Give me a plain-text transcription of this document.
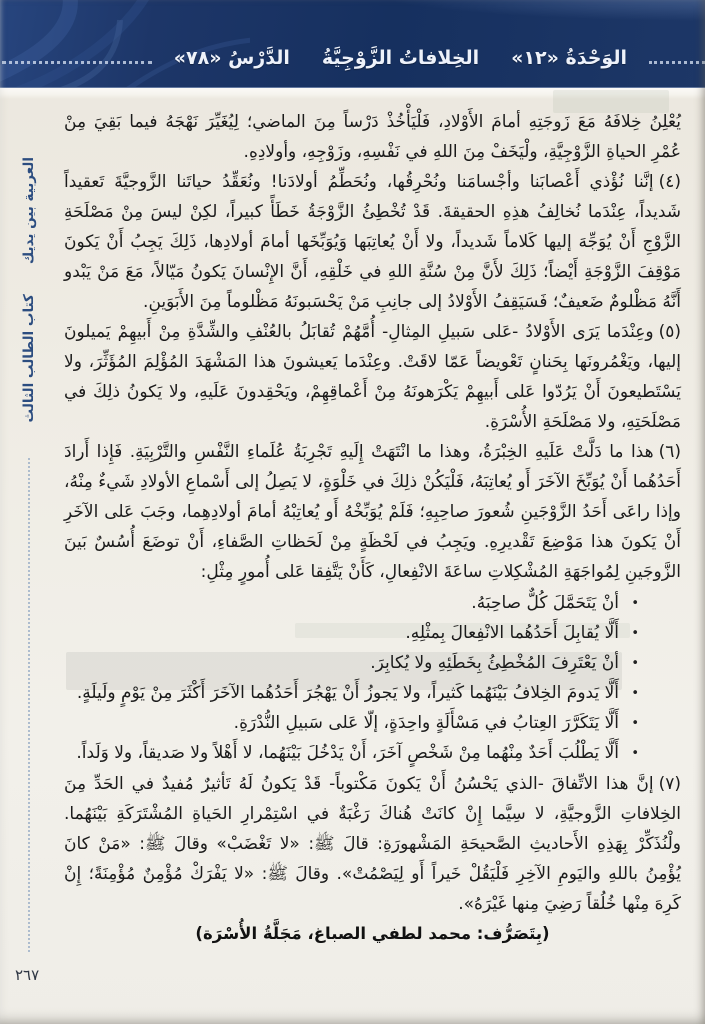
الوَحْدَةُ «١٢»
الخِلافاتُ الزَّوْجِيَّةُ
الدَّرْسُ «٧٨»
العربية بين يديك
كتاب الطالب الثالث
٢٦٧

يُعْلِنُ خِلافَهُ مَعَ زَوجَتِهِ أمامَ الأَوْلادِ، فَلْيَأْخُذْ دَرْساً مِنَ الماضي؛ لِيُغَيِّرَ نَهْجَهُ فيما بَقِيَ مِنْ عُمْرِ الحياةِ الزَّوْجِيَّةِ، ولْيَخَفْ مِنَ اللهِ في نَفْسِهِ، وزَوْجِهِ، وأولادِهِ.

(٤)إنَّنا نُؤْذي أَعْصابَنا وأجْسامَنا ونُحْرِقُها، ونُحَطِّمُ أولادَنا! ونُعَقِّدُ حياتَنا الزَّوجيَّةَ تَعقيداً شَديداً، عِنْدَما نُخالِفُ هذِهِ الحقيقةَ. قَدْ تُخْطِئُ الزَّوْجَةُ خَطَأً كبيراً، لكِنْ ليسَ مِنْ مَصْلَحَةِ الزَّوْجِ أَنْ يُوَجِّهَ إليها كَلاماً شَديداً، ولا أَنْ يُعاتِبَها وَيُوَبِّخَها أمامَ أولادِها، ذَلِكَ يَجِبُ أَنْ يَكونَ مَوْقِفَ الزَّوْجَةِ أَيْضاً؛ ذَلِكَ لأَنَّ مِنْ سُنَّةِ اللهِ في خَلْقِهِ، أَنَّ الإِنْسانَ يَكونُ مَيّالاً، مَعَ مَنْ يَبْدو أَنَّهُ مَظْلومٌ ضَعيفٌ؛ فَسَيَقِفُ الأَوْلادُ إلى جانِبِ مَنْ يَحْسَبونَهُ مَظْلوماً مِنَ الأَبَوَينِ.

(٥)وعِنْدَما يَرَى الأَوْلادُ -عَلى سَبيلِ المِثالِ- أُمَّهُمْ تُقابَلُ بالعُنْفِ والشِّدَّةِ مِنْ أَبيهِمْ يَميلونَ إليها، ويَغْمُرونَها بِحَنانٍ تَعْويضاً عَمّا لاقَتْ. وعِنْدَما يَعيشونَ هذا المَشْهَدَ المُؤْلِمَ المُؤَثِّرَ، ولا يَسْتَطيعونَ أَنْ يَرُدّوا عَلى أَبيهِمْ يَكْرَهونَهُ مِنْ أَعْماقِهِمْ، ويَحْقِدونَ عَلَيهِ، ولا يَكونُ ذلِكَ في مَصْلَحَتِهِ، ولا مَصْلَحَةِ الأُسْرَةِ.

(٦)هذا ما دَلَّتْ عَلَيهِ الخِبْرَةُ، وهذا ما انْتَهَتْ إِلَيهِ تَجْرِبَةُ عُلَماءِ النَّفْسِ والتَّرْبِيَةِ. فَإِذا أَرادَ أَحَدُهُما أَنْ يُوَبِّخَ الآخَرَ أَو يُعاتِبَهُ، فَلْيَكُنْ ذلِكَ في خَلْوَةٍ، لا يَصِلُ إلى أَسْماعِ الأولادِ شَيءٌ مِنْهُ، وإذا راعَى أَحَدُ الزَّوْجَينِ شُعورَ صاحِبِهِ؛ فَلَمْ يُوَبِّخْهُ أَو يُعاتِبْهُ أمامَ أولادِهِما، وجَبَ عَلى الآخَرِ أَنْ يَكونَ هذا مَوْضِعَ تَقْديرِهِ. ويَجِبُ في لَحْظَةٍ مِنْ لَحَظاتِ الصَّفاءِ، أَنْ توضَعَ أُسُسٌ بَينَ الزَّوجَينِ لِمُواجَهَةِ المُشْكِلاتِ ساعَةَ الانْفِعالِ، كَأَنْ يَتَّفِقا عَلى أُمورٍ مِثْلِ:

• أنْ يَتَحَمَّلَ كُلٌّ صاحِبَهُ.
• أَلَّا يُقابِلَ أَحَدُهُما الانْفِعالَ بِمثْلِهِ.
• أنْ يَعْتَرِفَ المُخْطِئُ بِخَطَئِهِ ولا يُكابِرَ.
• أَلَّا يَدومَ الخِلافُ بَيْنَهُما كَثيراً، ولا يَجوزُ أَنْ يَهْجُرَ أَحَدُهُما الآخَرَ أَكْثَرَ مِنْ يَوْمٍ ولَيلَةٍ.
• أَلَّا يَتَكَرَّرَ العِتابُ في مَسْأَلَةٍ واحِدَةٍ، إلّا عَلى سَبيلِ النُّدْرَةِ.
• أَلَّا يَطْلُبَ أَحَدٌ مِنْهُما مِنْ شَخْصٍ آخَرَ، أَنْ يَدْخُلَ بَيْنَهُما، لا أَهْلاً ولا صَديقاً، ولا وَلَداً.

(٧)إنَّ هذا الاتِّفاقَ -الذي يَحْسُنُ أَنْ يَكونَ مَكْتوباً- قَدْ يَكونُ لَهُ تَأثيرٌ مُفيدٌ في الحَدِّ مِنَ الخِلافاتِ الزَّوجيَّةِ، لا سِيَّما إِنْ كانَتْ هُناكَ رَغْبَةٌ في اسْتِمْرارِ الحَياةِ المُشْتَرَكَةِ بَيْنَهُما. ولْنُذَكِّرْ بِهَذِهِ الأَحاديثِ الصَّحيحَةِ المَشْهورَةِ: قالَ ﷺ: «لا تَغْضَبْ» وقالَ ﷺ: «مَنْ كانَ يُؤْمِنُ باللهِ واليَومِ الآخِرِ فَلْيَقُلْ خَيراً أَو لِيَصْمُتْ». وقالَ ﷺ: «لا يَفْرَكْ مُؤْمِنٌ مُؤْمِنَةً؛ إِنْ كَرِهَ مِنْها خُلُقاً رَضِيَ مِنها غَيْرَهُ».

(بِتَصَرُّف: محمد لطفي الصباغ، مَجَلَّةُ الأُسْرَة)
